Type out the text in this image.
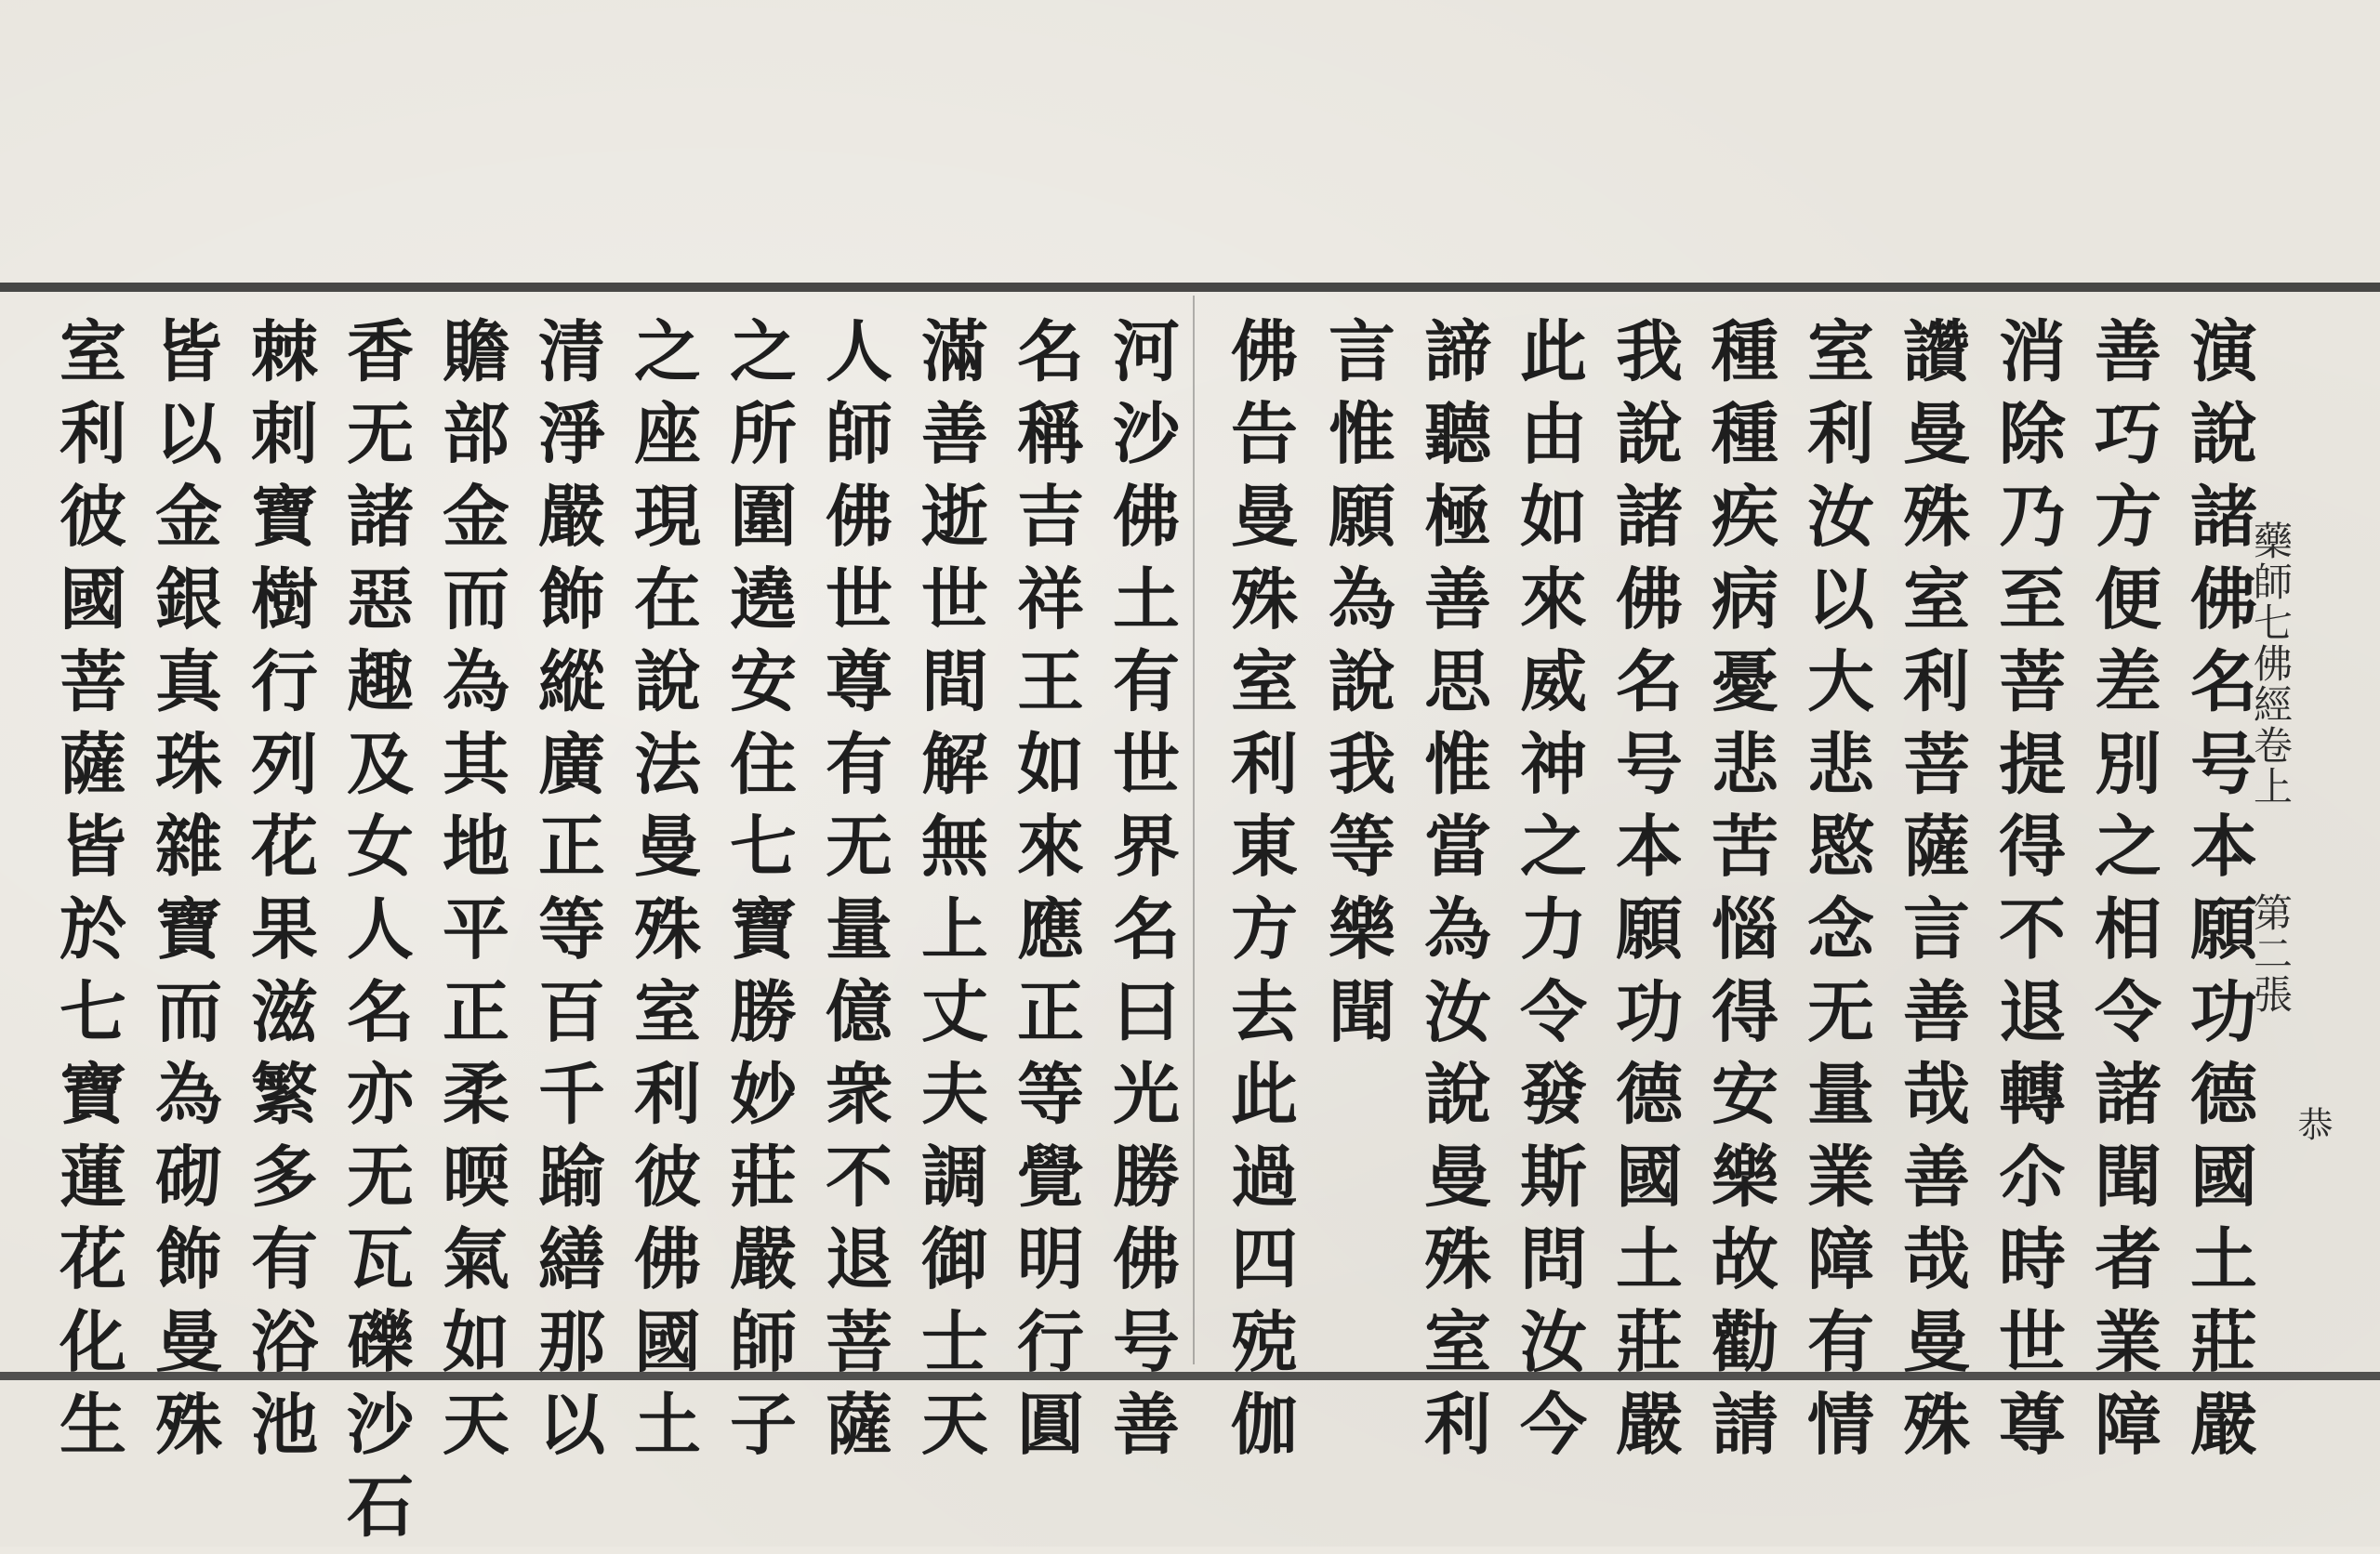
藥師七佛經卷上
第二張
恭
演說諸佛名号本願功德國土莊嚴
善巧方便差別之相令諸聞者業障
消除乃至菩提得不退轉尒時世尊
讚曼殊室利菩薩言善哉善哉曼殊
室利汝以大悲愍念无量業障有情
種種疾病憂悲苦惱得安樂故勸請
我說諸佛名号本願功德國土莊嚴
此由如來威神之力令發斯問汝今
諦聽極善思惟當為汝說曼殊室利
言惟願為說我等樂聞
佛告曼殊室利東方去此過四殑伽
河沙佛土有世界名曰光勝佛号善
名稱吉祥王如來應正等覺明行圓
滿善逝世間解無上丈夫調御士天
人師佛世尊有无量億衆不退菩薩
之所圍遶安住七寶勝妙莊嚴師子
之座現在說法曼殊室利彼佛國土
清淨嚴飾縱廣正等百千踰繕那以
贍部金而為其地平正柔㬉氣如天
香无諸惡趣及女人名亦无瓦礫沙石
棘刺寶樹行列花果滋繁多有浴池
皆以金銀真珠雜寶而為砌飾曼殊
室利彼國菩薩皆於七寶蓮花化生
